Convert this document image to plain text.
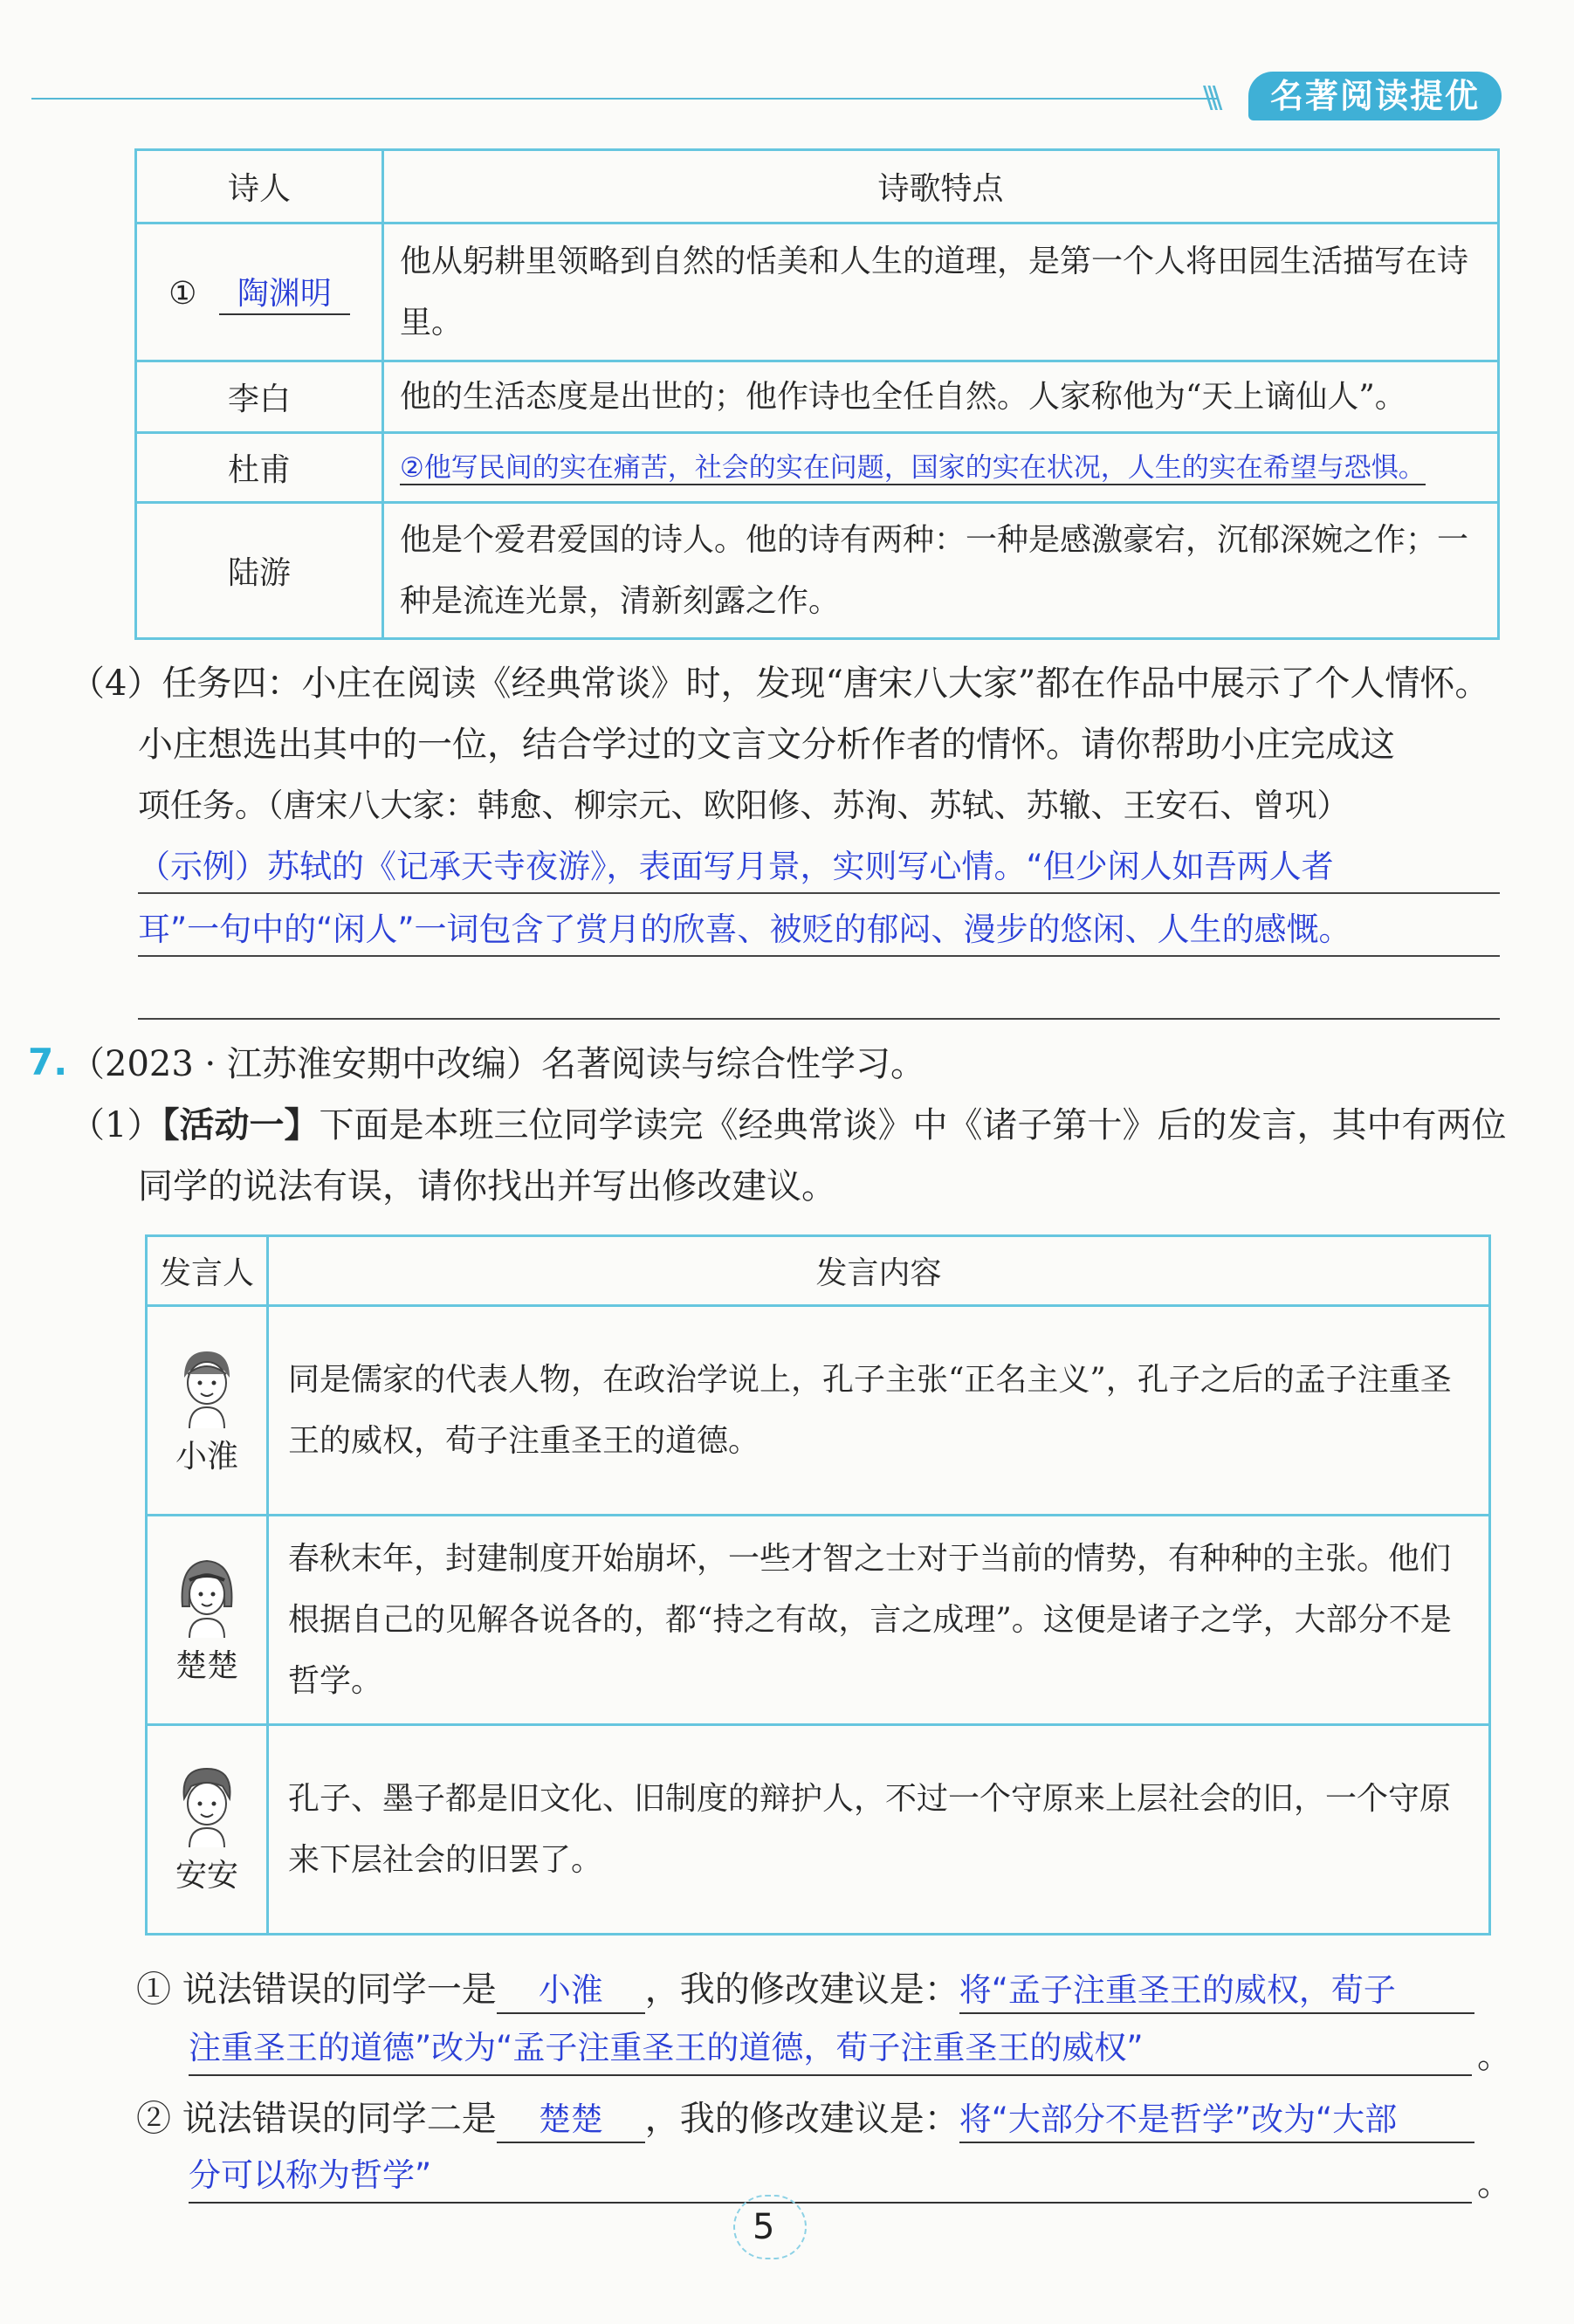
\\\	名著阅读提优
诗人	诗歌特点
① 陶渊明	他从躬耕里领略到自然的恬美和人生的道理，是第一个人将田园生活描写在诗里。
李白	他的生活态度是出世的；他作诗也全任自然。人家称他为“天上谪仙人”。
杜甫	②他写民间的实在痛苦，社会的实在问题，国家的实在状况，人生的实在希望与恐惧。
陆游	他是个爱君爱国的诗人。他的诗有两种：一种是感激豪宕，沉郁深婉之作；一种是流连光景，清新刻露之作。
（4）任务四：小庄在阅读《经典常谈》时，发现“唐宋八大家”都在作品中展示了个人情怀。
小庄想选出其中的一位，结合学过的文言文分析作者的情怀。请你帮助小庄完成这
项任务。（唐宋八大家：韩愈、柳宗元、欧阳修、苏洵、苏轼、苏辙、王安石、曾巩）
（示例）苏轼的《记承天寺夜游》，表面写月景，实则写心情。“但少闲人如吾两人者
耳”一句中的“闲人”一词包含了赏月的欣喜、被贬的郁闷、漫步的悠闲、人生的感慨。
7. （2023 · 江苏淮安期中改编）名著阅读与综合性学习。
（1）【活动一】下面是本班三位同学读完《经典常谈》中《诸子第十》后的发言，其中有两位
同学的说法有误，请你找出并写出修改建议。
发言人	发言内容

小淮	同是儒家的代表人物，在政治学说上，孔子主张“正名主义”，孔子之后的孟子注重圣王的威权，荀子注重圣王的道德。

楚楚	春秋末年，封建制度开始崩坏，一些才智之士对于当前的情势，有种种的主张。他们根据自己的见解各说各的，都“持之有故，言之成理”。这便是诸子之学，大部分不是哲学。

安安	孔子、墨子都是旧文化、旧制度的辩护人，不过一个守原来上层社会的旧，一个守原来下层社会的旧罢了。
① 说法错误的同学一是 小淮 ，我的修改建议是：将“孟子注重圣王的威权，荀子
注重圣王的道德”改为“孟子注重圣王的道德，荀子注重圣王的威权”	。
② 说法错误的同学二是 楚楚 ，我的修改建议是：将“大部分不是哲学”改为“大部
分可以称为哲学”	。
5
